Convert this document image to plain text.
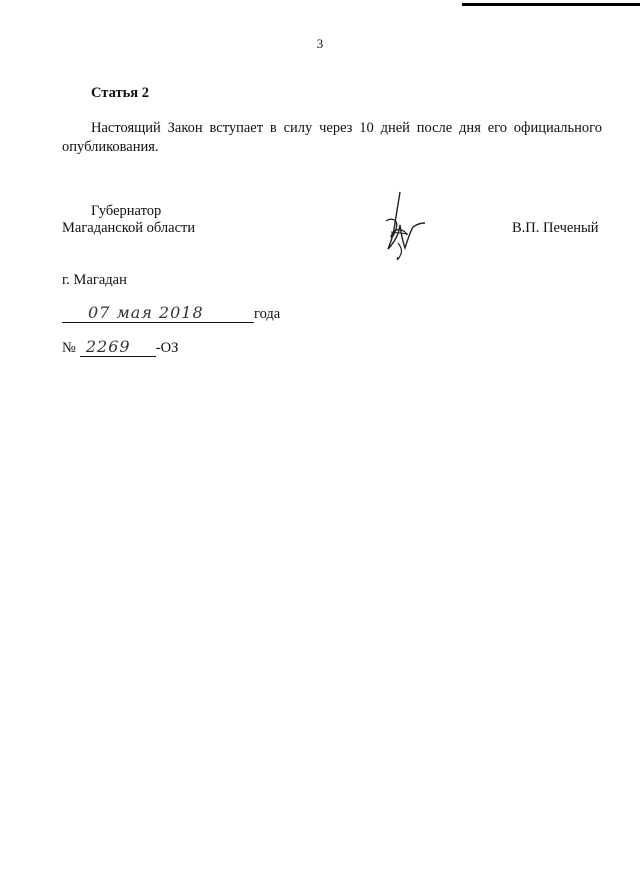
3
Статья 2
Настоящий Закон вступает в силу через 10 дней после дня его официального
опубликования.
Губернатор
Магаданской области	В.П. Печеный
г. Магадан
07 мая 2018	года
№ 2269 -ОЗ
